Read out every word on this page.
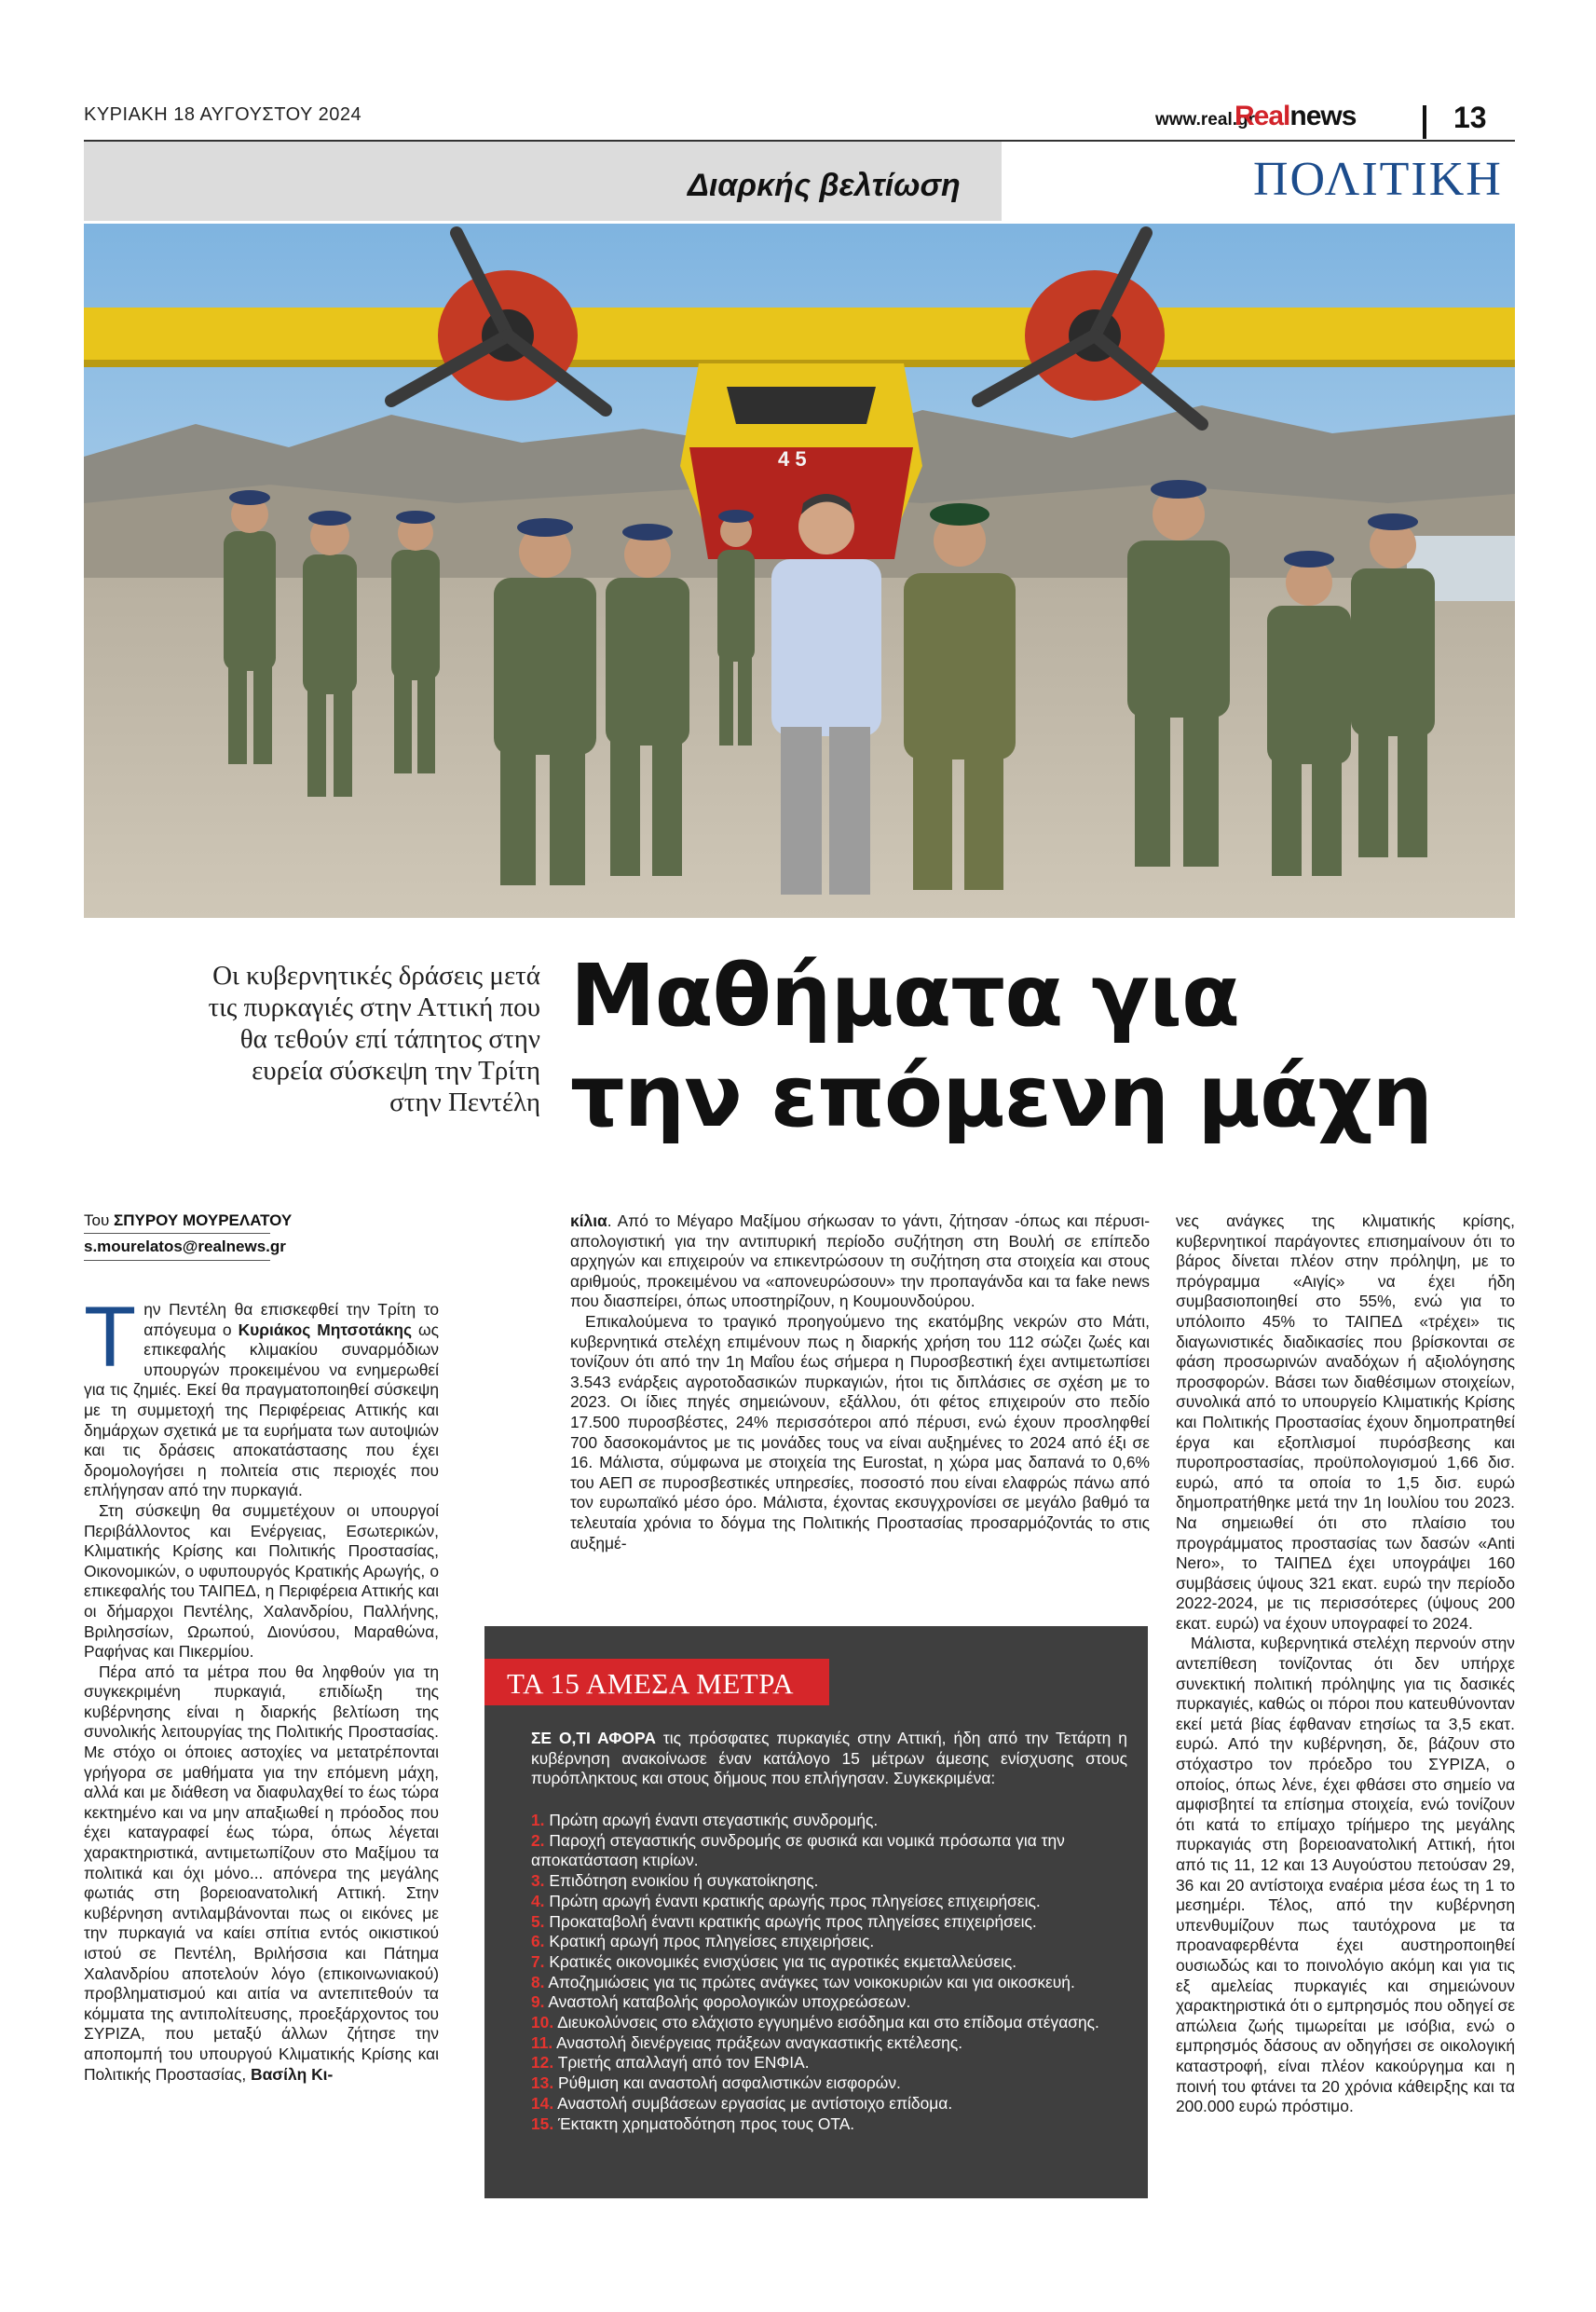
ΚΥΡΙΑΚΗ 18 ΑΥΓΟΥΣΤΟΥ 2024	www.real.gr
Realnews	13
Διαρκής βελτίωση	ΠΟΛΙΤΙΚΗ
4 5
Οι κυβερνητικές δράσεις μετά τις πυρκαγιές στην Αττική που θα τεθούν επί τάπητος στην ευρεία σύσκεψη την Τρίτη στην Πεντέλη
Μαθήματα για
την επόμενη μάχη
Του ΣΠΥΡΟΥ ΜΟΥΡΕΛΑΤΟΥ
s.mourelatos@realnews.gr

Την Πεντέλη θα επισκεφθεί την Τρίτη το απόγευμα ο Κυριάκος Μητσοτάκης ως επικεφαλής κλιμακίου συναρμόδιων υπουργών προκειμένου να ενημερωθεί για τις ζημιές. Εκεί θα πραγματοποιηθεί σύσκεψη με τη συμμετοχή της Περιφέρειας Αττικής και δημάρχων σχετικά με τα ευρήματα των αυτοψιών και τις δράσεις αποκατάστασης που έχει δρομολογήσει η πολιτεία στις περιοχές που επλήγησαν από την πυρκαγιά.

Στη σύσκεψη θα συμμετέχουν οι υπουργοί Περιβάλλοντος και Ενέργειας, Εσωτερικών, Κλιματικής Κρίσης και Πολιτικής Προστασίας, Οικονομικών, ο υφυπουργός Κρατικής Αρωγής, ο επικεφαλής του ΤΑΙΠΕΔ, η Περιφέρεια Αττικής και οι δήμαρχοι Πεντέλης, Χαλανδρίου, Παλλήνης, Βριλησσίων, Ωρωπού, Διονύσου, Μαραθώνα, Ραφήνας και Πικερμίου.

Πέρα από τα μέτρα που θα ληφθούν για τη συγκεκριμένη πυρκαγιά, επιδίωξη της κυβέρνησης είναι η διαρκής βελτίωση της συνολικής λειτουργίας της Πολιτικής Προστασίας. Με στόχο οι όποιες αστοχίες να μετατρέπονται γρήγορα σε μαθήματα για την επόμενη μάχη, αλλά και με διάθεση να διαφυλαχθεί το έως τώρα κεκτημένο και να μην απαξιωθεί η πρόοδος που έχει καταγραφεί έως τώρα, όπως λέγεται χαρακτηριστικά, αντιμετωπίζουν στο Μαξίμου τα πολιτικά και όχι μόνο... απόνερα της μεγάλης φωτιάς στη βορειοανατολική Αττική. Στην κυβέρνηση αντιλαμβάνονται πως οι εικόνες με την πυρκαγιά να καίει σπίτια εντός οικιστικού ιστού σε Πεντέλη, Βριλήσσια και Πάτημα Χαλανδρίου αποτελούν λόγο (επικοινωνιακού) προβληματισμού και αιτία να αντεπιτεθούν τα κόμματα της αντιπολίτευσης, προεξάρχοντος του ΣΥΡΙΖΑ, που μεταξύ άλλων ζήτησε την αποπομπή του υπουργού Κλιματικής Κρίσης και Πολιτικής Προστασίας, Βασίλη Κι-

κίλια. Από το Μέγαρο Μαξίμου σήκωσαν το γάντι, ζήτησαν -όπως και πέρυσι- απολογιστική για την αντιπυρική περίοδο συζήτηση στη Βουλή σε επίπεδο αρχηγών και επιχειρούν να επικεντρώσουν τη συζήτηση στα στοιχεία και στους αριθμούς, προκειμένου να «απονευρώσουν» την προπαγάνδα και τα fake news που διασπείρει, όπως υποστηρίζουν, η Κουμουνδούρου.

Επικαλούμενα το τραγικό προηγούμενο της εκατόμβης νεκρών στο Μάτι, κυβερνητικά στελέχη επιμένουν πως η διαρκής χρήση του 112 σώζει ζωές και τονίζουν ότι από την 1η Μαΐου έως σήμερα η Πυροσβεστική έχει αντιμετωπίσει 3.543 ενάρξεις αγροτοδασικών πυρκαγιών, ήτοι τις διπλάσιες σε σχέση με το 2023. Οι ίδιες πηγές σημειώνουν, εξάλλου, ότι φέτος επιχειρούν στο πεδίο 17.500 πυροσβέστες, 24% περισσότεροι από πέρυσι, ενώ έχουν προσληφθεί 700 δασοκομάντος με τις μονάδες τους να είναι αυξημένες το 2024 από έξι σε 16. Μάλιστα, σύμφωνα με στοιχεία της Eurostat, η χώρα μας δαπανά το 0,6% του ΑΕΠ σε πυροσβεστικές υπηρεσίες, ποσοστό που είναι ελαφρώς πάνω από τον ευρωπαϊκό μέσο όρο. Μάλιστα, έχοντας εκσυγχρονίσει σε μεγάλο βαθμό τα τελευταία χρόνια το δόγμα της Πολιτικής Προστασίας προσαρμόζοντάς το στις αυξημέ-

νες ανάγκες της κλιματικής κρίσης, κυβερνητικοί παράγοντες επισημαίνουν ότι το βάρος δίνεται πλέον στην πρόληψη, με το πρόγραμμα «Αιγίς» να έχει ήδη συμβασιοποιηθεί στο 55%, ενώ για το υπόλοιπο 45% το ΤΑΙΠΕΔ «τρέχει» τις διαγωνιστικές διαδικασίες που βρίσκονται σε φάση προσωρινών αναδόχων ή αξιολόγησης προσφορών. Βάσει των διαθέσιμων στοιχείων, συνολικά από το υπουργείο Κλιματικής Κρίσης και Πολιτικής Προστασίας έχουν δημοπρατηθεί έργα και εξοπλισμοί πυρόσβεσης και πυροπροστασίας, προϋπολογισμού 1,66 δισ. ευρώ, από τα οποία το 1,5 δισ. ευρώ δημοπρατήθηκε μετά την 1η Ιουλίου του 2023. Να σημειωθεί ότι στο πλαίσιο του προγράμματος προστασίας των δασών «Anti Nero», το ΤΑΙΠΕΔ έχει υπογράψει 160 συμβάσεις ύψους 321 εκατ. ευρώ την περίοδο 2022-2024, με τις περισσότερες (ύψους 200 εκατ. ευρώ) να έχουν υπογραφεί το 2024.

Μάλιστα, κυβερνητικά στελέχη περνούν στην αντεπίθεση τονίζοντας ότι δεν υπήρχε συνεκτική πολιτική πρόληψης για τις δασικές πυρκαγιές, καθώς οι πόροι που κατευθύνονταν εκεί μετά βίας έφθαναν ετησίως τα 3,5 εκατ. ευρώ. Από την κυβέρνηση, δε, βάζουν στο στόχαστρο τον πρόεδρο του ΣΥΡΙΖΑ, ο οποίος, όπως λένε, έχει φθάσει στο σημείο να αμφισβητεί τα επίσημα στοιχεία, ενώ τονίζουν ότι κατά το επίμαχο τρίήμερο της μεγάλης πυρκαγιάς στη βορειοανατολική Αττική, ήτοι από τις 11, 12 και 13 Αυγούστου πετούσαν 29, 36 και 20 αντίστοιχα εναέρια μέσα έως τη 1 το μεσημέρι. Τέλος, από την κυβέρνηση υπενθυμίζουν πως ταυτόχρονα με τα προαναφερθέντα έχει αυστηροποιηθεί ουσιωδώς και το ποινολόγιο ακόμη και για τις εξ αμελείας πυρκαγιές και σημειώνουν χαρακτηριστικά ότι ο εμπρησμός που οδηγεί σε απώλεια ζωής τιμωρείται με ισόβια, ενώ ο εμπρησμός δάσους αν οδηγήσει σε οικολογική καταστροφή, είναι πλέον κακούργημα και η ποινή του φτάνει τα 20 χρόνια κάθειρξης και τα 200.000 ευρώ πρόστιμο.

ΤΑ 15 ΑΜΕΣΑ ΜΕΤΡΑ
ΣΕ Ο,ΤΙ ΑΦΟΡΑ τις πρόσφατες πυρκαγιές στην Αττική, ήδη από την Τετάρτη η κυβέρνηση ανακοίνωσε έναν κατάλογο 15 μέτρων άμεσης ενίσχυσης στους πυρόπληκτους και στους δήμους που επλήγησαν. Συγκεκριμένα:
1. Πρώτη αρωγή έναντι στεγαστικής συνδρομής.
2. Παροχή στεγαστικής συνδρομής σε φυσικά και νομικά πρόσωπα για την αποκατάσταση κτιρίων.
3. Επιδότηση ενοικίου ή συγκατοίκησης.
4. Πρώτη αρωγή έναντι κρατικής αρωγής προς πληγείσες επιχειρήσεις.
5. Προκαταβολή έναντι κρατικής αρωγής προς πληγείσες επιχειρήσεις.
6. Κρατική αρωγή προς πληγείσες επιχειρήσεις.
7. Κρατικές οικονομικές ενισχύσεις για τις αγροτικές εκμεταλλεύσεις.
8. Αποζημιώσεις για τις πρώτες ανάγκες των νοικοκυριών και για οικοσκευή.
9. Αναστολή καταβολής φορολογικών υποχρεώσεων.
10. Διευκολύνσεις στο ελάχιστο εγγυημένο εισόδημα και στο επίδομα στέγασης.
11. Αναστολή διενέργειας πράξεων αναγκαστικής εκτέλεσης.
12. Τριετής απαλλαγή από τον ΕΝΦΙΑ.
13. Ρύθμιση και αναστολή ασφαλιστικών εισφορών.
14. Αναστολή συμβάσεων εργασίας με αντίστοιχο επίδομα.
15. Έκτακτη χρηματοδότηση προς τους ΟΤΑ.
